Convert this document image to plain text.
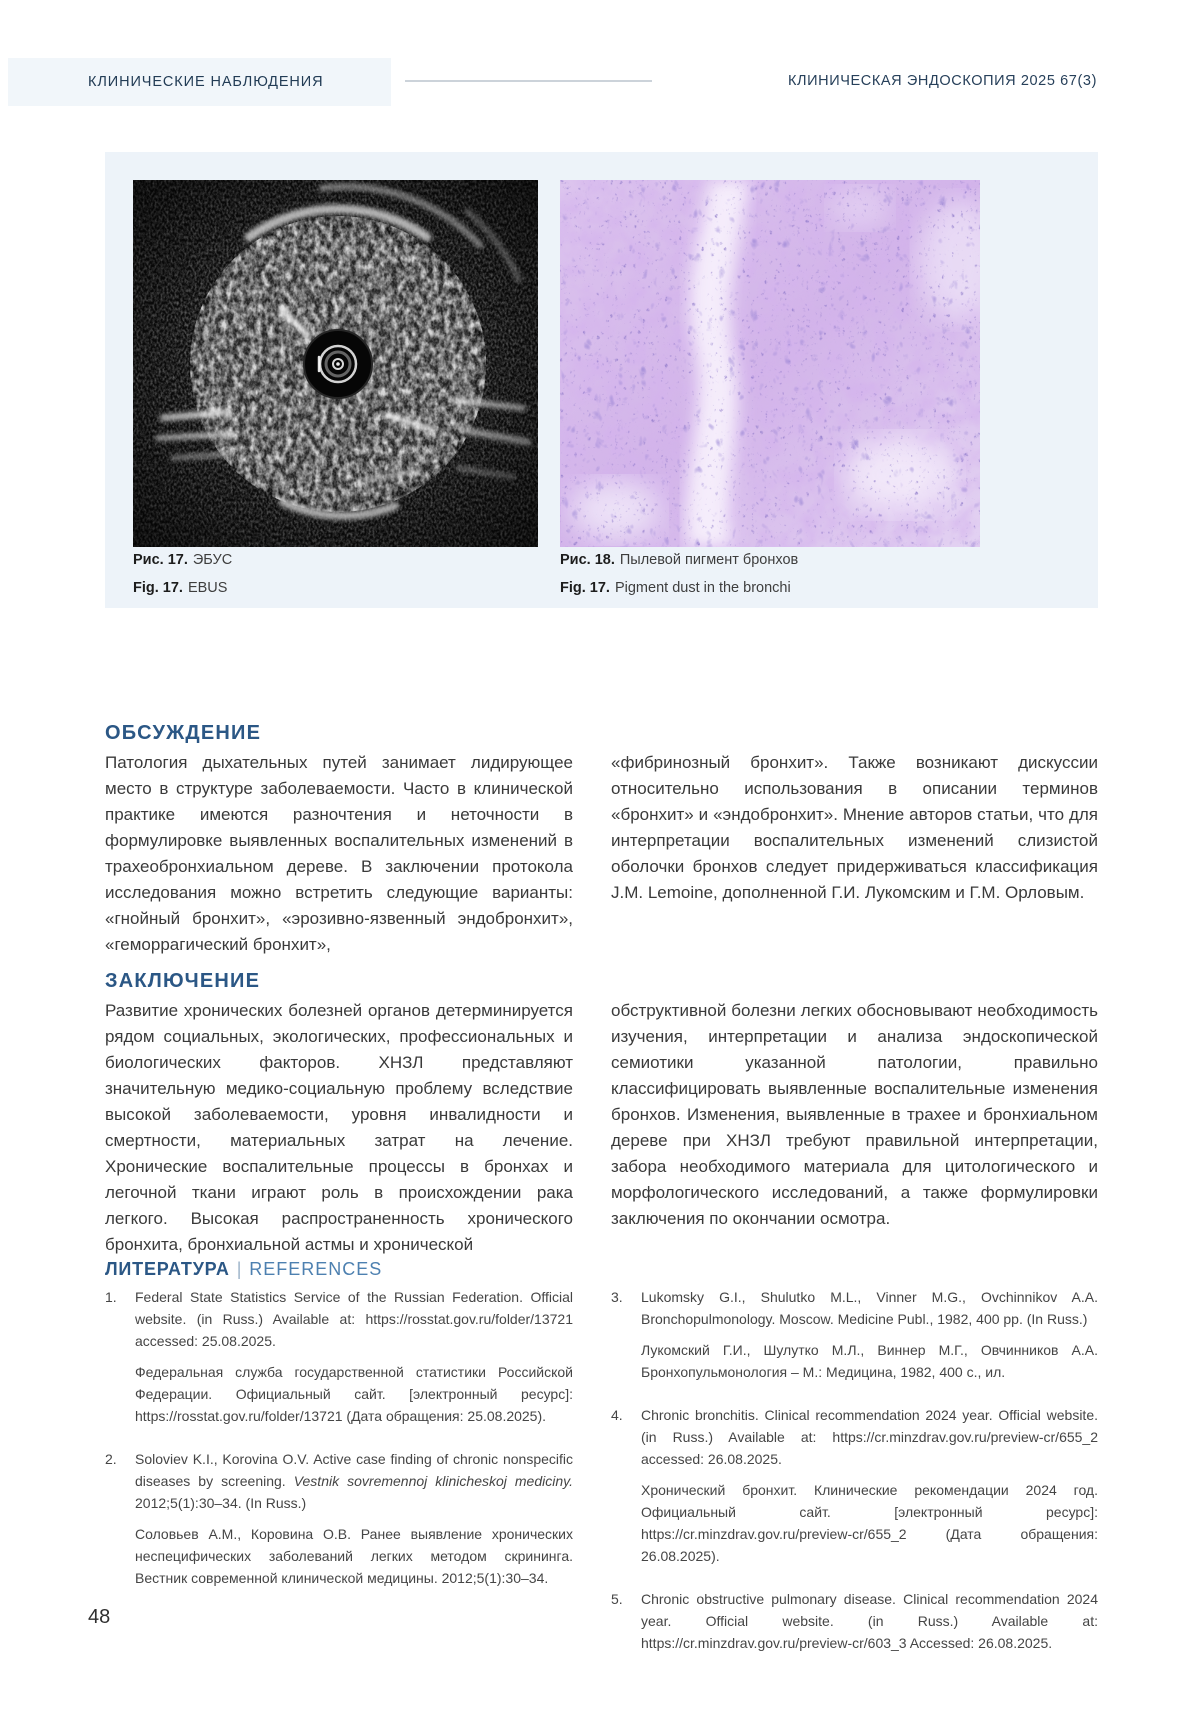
КЛИНИЧЕСКИЕ НАБЛЮДЕНИЯ	КЛИНИЧЕСКАЯ ЭНДОСКОПИЯ 2025 67(3)
Рис. 17. ЭБУС
Fig. 17. EBUS
Рис. 18. Пылевой пигмент бронхов
Fig. 17. Pigment dust in the bronchi
ОБСУЖДЕНИЕ

Патология дыхательных путей занимает лидирующее место в структуре заболеваемости. Часто в клинической практике имеются разночтения и неточности в формулировке выявленных воспалительных изменений в трахеобронхиальном дереве. В заключении протокола исследования можно встретить следующие варианты: «гнойный бронхит», «эрозивно-язвенный эндобронхит», «геморрагический бронхит»,

«фибринозный бронхит». Также возникают дискуссии относительно использования в описании терминов «бронхит» и «эндобронхит». Мнение авторов статьи, что для интерпретации воспалительных изменений слизистой оболочки бронхов следует придерживаться классификация J.M. Lemoine, дополненной Г.И. Лукомским и Г.М. Орловым.

ЗАКЛЮЧЕНИЕ

Развитие хронических болезней органов детерминируется рядом социальных, экологических, профессиональных и биологических факторов. ХНЗЛ представляют значительную медико-социальную проблему вследствие высокой заболеваемости, уровня инвалидности и смертности, материальных затрат на лечение. Хронические воспалительные процессы в бронхах и легочной ткани играют роль в происхождении рака легкого. Высокая распространенность хронического бронхита, бронхиальной астмы и хронической

обструктивной болезни легких обосновывают необходимость изучения, интерпретации и анализа эндоскопической семиотики указанной патологии, правильно классифицировать выявленные воспалительные изменения бронхов. Изменения, выявленные в трахее и бронхиальном дереве при ХНЗЛ требуют правильной интерпретации, забора необходимого материала для цитологического и морфологического исследований, а также формулировки заключения по окончании осмотра.

ЛИТЕРАТУРА | REFERENCES
1.	Federal State Statistics Service of the Russian Federation. Official website. (in Russ.) Available at: https://rosstat.gov.ru/folder/13721 accessed: 25.08.2025.

Федеральная служба государственной статистики Российской Федерации. Официальный сайт. [электронный ресурс]: https://rosstat.gov.ru/folder/13721 (Дата обращения: 25.08.2025).

2.	Soloviev K.I., Korovina O.V. Active case finding of chronic nonspecific diseases by screening. Vestnik sovremennoj klinicheskoj mediciny. 2012;5(1):30–34. (In Russ.)

Соловьев А.М., Коровина О.В. Ранее выявление хронических неспецифических заболеваний легких методом скрининга. Вестник современной клинической медицины. 2012;5(1):30–34.

3.	Lukomsky G.I., Shulutko M.L., Vinner M.G., Ovchinnikov A.A. Bronchopulmonology. Moscow. Medicine Publ., 1982, 400 pp. (In Russ.)

Лукомский Г.И., Шулутко М.Л., Виннер М.Г., Овчинников А.А. Бронхопульмонология – М.: Медицина, 1982, 400 с., ил.

4.	Chronic bronchitis. Clinical recommendation 2024 year. Official website. (in Russ.) Available at: https://cr.minzdrav.gov.ru/preview-cr/655_2 accessed: 26.08.2025.

Хронический бронхит. Клинические рекомендации 2024 год. Официальный сайт. [электронный ресурс]: https://cr.minzdrav.gov.ru/preview-cr/655_2 (Дата обращения: 26.08.2025).

5.	Chronic obstructive pulmonary disease. Clinical recommendation 2024 year. Official website. (in Russ.) Available at: https://cr.minzdrav.gov.ru/preview-cr/603_3 Accessed: 26.08.2025.

48
